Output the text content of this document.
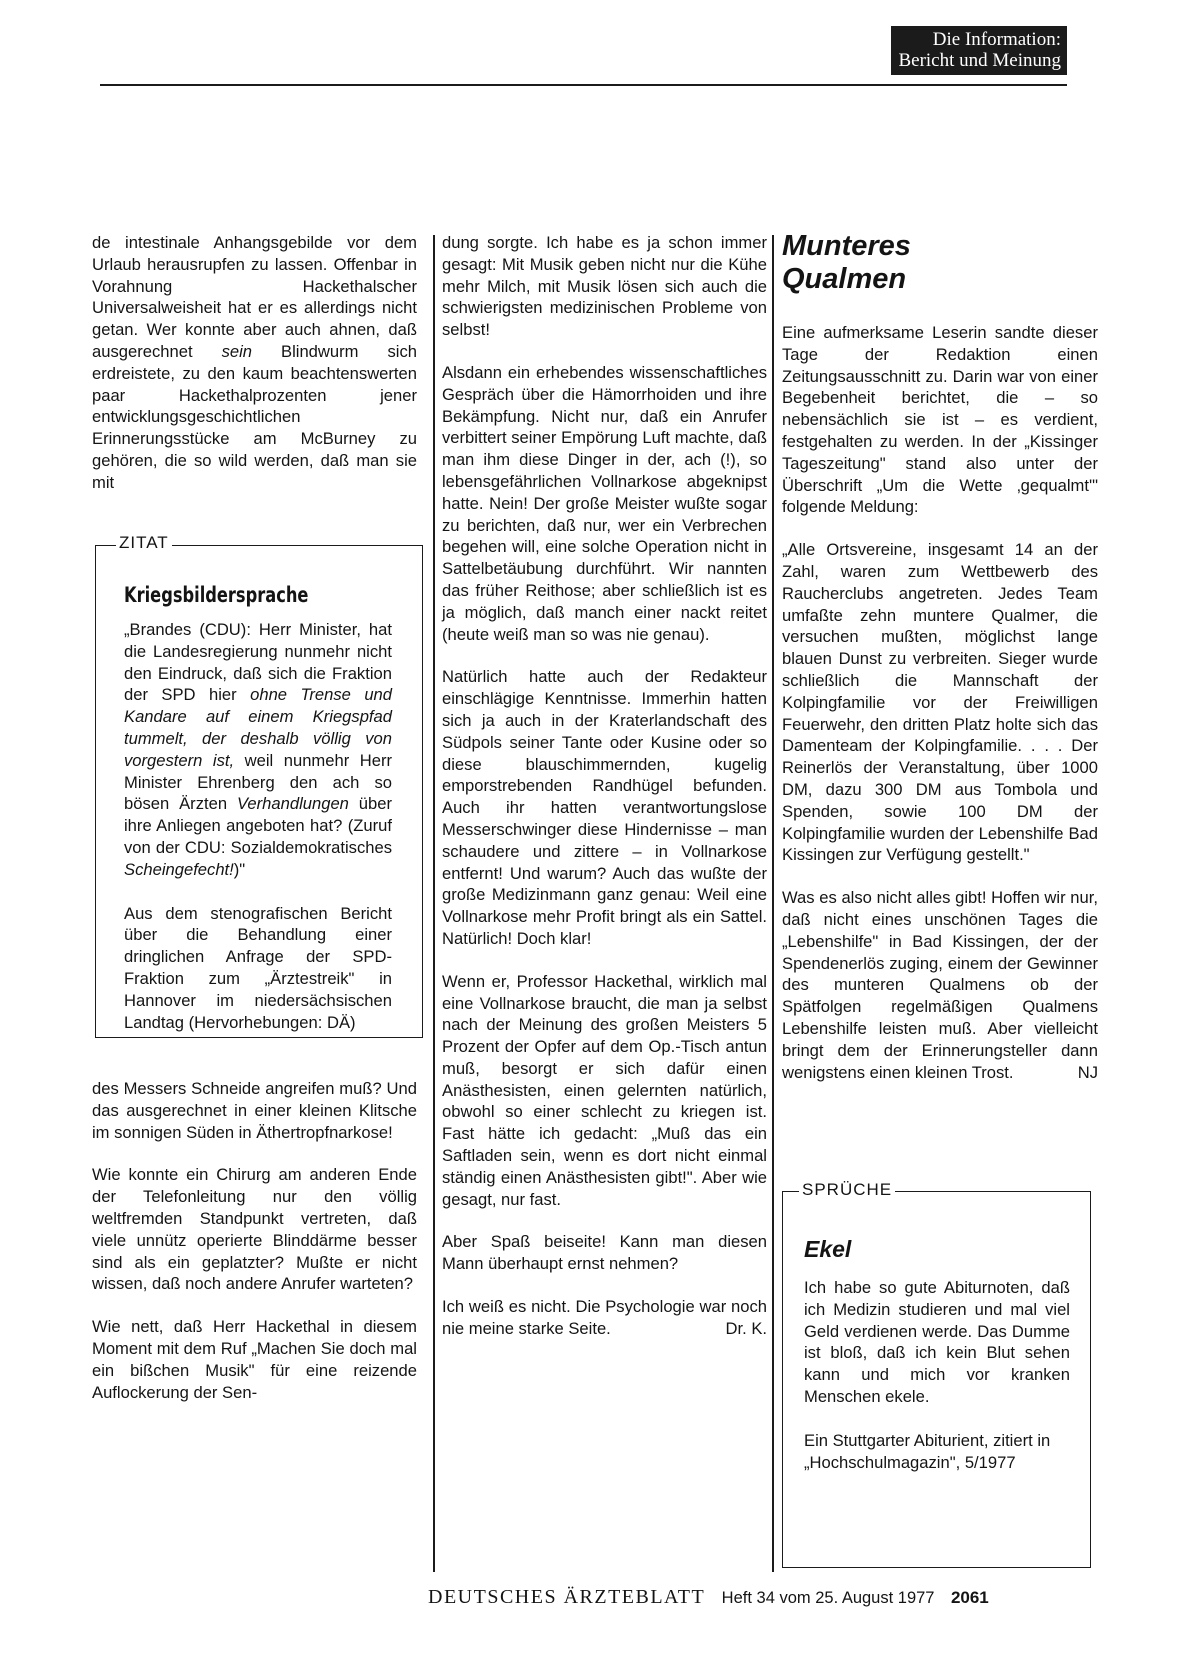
Die Information:
Bericht und Meinung

de intestinale Anhangsgebilde vor dem Urlaub herausrupfen zu lassen. Offenbar in Vorahnung Hackethalscher Universalweisheit hat er es allerdings nicht getan. Wer konnte aber auch ahnen, daß ausgerechnet sein Blindwurm sich erdreistete, zu den kaum beachtenswerten paar Hackethalprozenten jener entwicklungsgeschichtlichen Erinnerungsstücke am McBurney zu gehören, die so wild werden, daß man sie mit

ZITAT
Kriegsbildersprache
„Brandes (CDU): Herr Minister, hat die Landesregierung nunmehr nicht den Eindruck, daß sich die Fraktion der SPD hier ohne Trense und Kandare auf einem Kriegspfad tummelt, der deshalb völlig von vorgestern ist, weil nunmehr Herr Minister Ehrenberg den ach so bösen Ärzten Verhandlungen über ihre Anliegen angeboten hat? (Zuruf von der CDU: Sozialdemokratisches Scheingefecht!)"
Aus dem stenografischen Bericht über die Behandlung einer dringlichen Anfrage der SPD-Fraktion zum „Ärztestreik" in Hannover im niedersächsischen Landtag (Hervorhebungen: DÄ)

des Messers Schneide angreifen muß? Und das ausgerechnet in einer kleinen Klitsche im sonnigen Süden in Äthertropfnarkose!

Wie konnte ein Chirurg am anderen Ende der Telefonleitung nur den völlig weltfremden Standpunkt vertreten, daß viele unnütz operierte Blinddärme besser sind als ein geplatzter? Mußte er nicht wissen, daß noch andere Anrufer warteten?

Wie nett, daß Herr Hackethal in diesem Moment mit dem Ruf „Machen Sie doch mal ein bißchen Musik" für eine reizende Auflockerung der Sen-

dung sorgte. Ich habe es ja schon immer gesagt: Mit Musik geben nicht nur die Kühe mehr Milch, mit Musik lösen sich auch die schwierigsten medizinischen Probleme von selbst!

Alsdann ein erhebendes wissenschaftliches Gespräch über die Hämorrhoiden und ihre Bekämpfung. Nicht nur, daß ein Anrufer verbittert seiner Empörung Luft machte, daß man ihm diese Dinger in der, ach (!), so lebensgefährlichen Vollnarkose abgeknipst hatte. Nein! Der große Meister wußte sogar zu berichten, daß nur, wer ein Verbrechen begehen will, eine solche Operation nicht in Sattelbetäubung durchführt. Wir nannten das früher Reithose; aber schließlich ist es ja möglich, daß manch einer nackt reitet (heute weiß man so was nie genau).

Natürlich hatte auch der Redakteur einschlägige Kenntnisse. Immerhin hatten sich ja auch in der Kraterlandschaft des Südpols seiner Tante oder Kusine oder so diese blauschimmernden, kugelig emporstrebenden Randhügel befunden. Auch ihr hatten verantwortungslose Messerschwinger diese Hindernisse – man schaudere und zittere – in Vollnarkose entfernt! Und warum? Auch das wußte der große Medizinmann ganz genau: Weil eine Vollnarkose mehr Profit bringt als ein Sattel. Natürlich! Doch klar!

Wenn er, Professor Hackethal, wirklich mal eine Vollnarkose braucht, die man ja selbst nach der Meinung des großen Meisters 5 Prozent der Opfer auf dem Op.-Tisch antun muß, besorgt er sich dafür einen Anästhesisten, einen gelernten natürlich, obwohl so einer schlecht zu kriegen ist. Fast hätte ich gedacht: „Muß das ein Saftladen sein, wenn es dort nicht einmal ständig einen Anästhesisten gibt!". Aber wie gesagt, nur fast.

Aber Spaß beiseite! Kann man diesen Mann überhaupt ernst nehmen?

Ich weiß es nicht. Die Psychologie war noch nie meine starke Seite.	Dr. K.

Munteres
Qualmen

Eine aufmerksame Leserin sandte dieser Tage der Redaktion einen Zeitungsausschnitt zu. Darin war von einer Begebenheit berichtet, die – so nebensächlich sie ist – es verdient, festgehalten zu werden. In der „Kissinger Tageszeitung" stand also unter der Überschrift „Um die Wette ‚gequalmt'" folgende Meldung:

„Alle Ortsvereine, insgesamt 14 an der Zahl, waren zum Wettbewerb des Raucherclubs angetreten. Jedes Team umfaßte zehn muntere Qualmer, die versuchen mußten, möglichst lange blauen Dunst zu verbreiten. Sieger wurde schließlich die Mannschaft der Kolpingfamilie vor der Freiwilligen Feuerwehr, den dritten Platz holte sich das Damenteam der Kolpingfamilie. . . . Der Reinerlös der Veranstaltung, über 1000 DM, dazu 300 DM aus Tombola und Spenden, sowie 100 DM der Kolpingfamilie wurden der Lebenshilfe Bad Kissingen zur Verfügung gestellt."

Was es also nicht alles gibt! Hoffen wir nur, daß nicht eines unschönen Tages die „Lebenshilfe" in Bad Kissingen, der der Spendenerlös zuging, einem der Gewinner des munteren Qualmens ob der Spätfolgen regelmäßigen Qualmens Lebenshilfe leisten muß. Aber vielleicht bringt dem der Erinnerungsteller dann wenigstens einen kleinen Trost.	NJ

SPRÜCHE
Ekel
Ich habe so gute Abiturnoten, daß ich Medizin studieren und mal viel Geld verdienen werde. Das Dumme ist bloß, daß ich kein Blut sehen kann und mich vor kranken Menschen ekele.
Ein Stuttgarter Abiturient, zitiert in „Hochschulmagazin", 5/1977
DEUTSCHES ÄRZTEBLATT Heft 34 vom 25. August 1977 2061
